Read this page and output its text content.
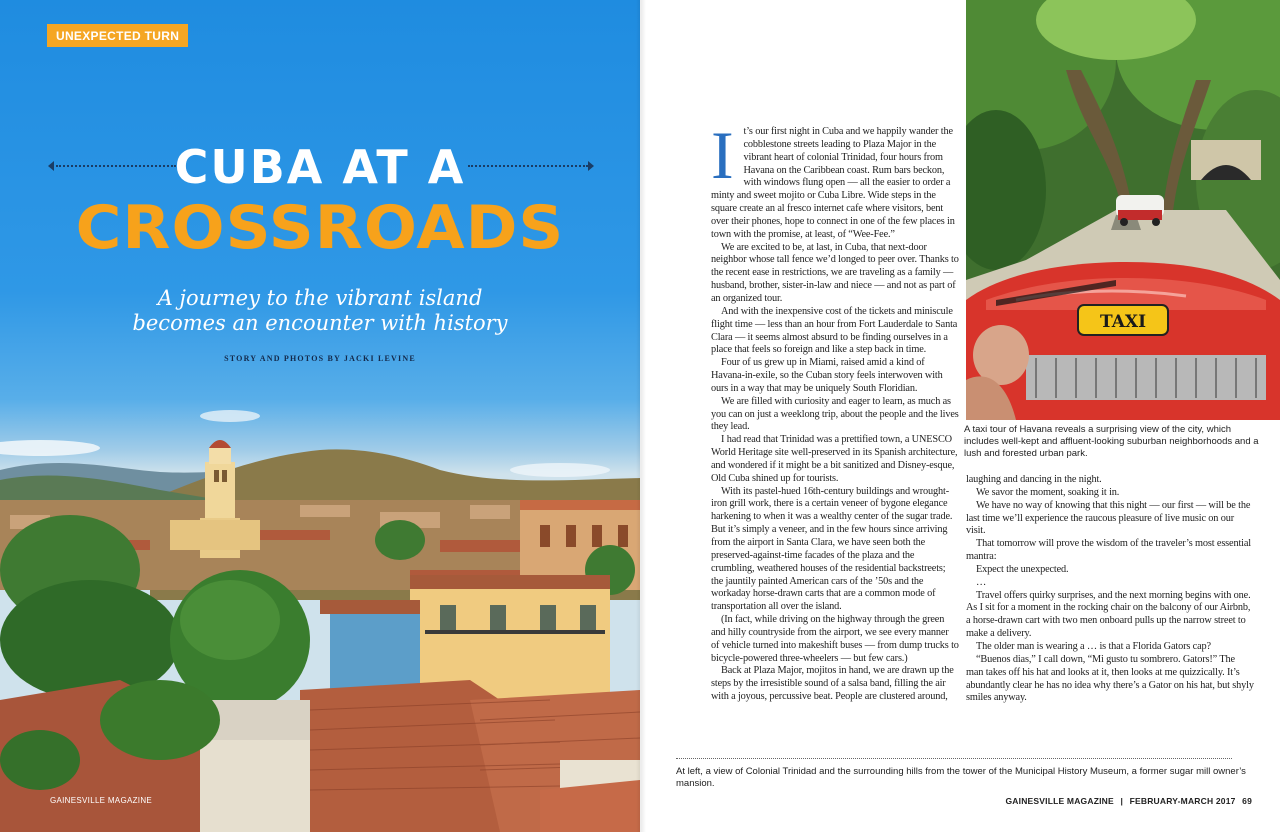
UNEXPECTED TURN
CUBA AT A
CROSSROADS
A journey to the vibrant island
becomes an encounter with history
STORY AND PHOTOS BY JACKI LEVINE
GAINESVILLE MAGAZINE
TAXI
A taxi tour of Havana reveals a surprising view of the city, which includes well-kept and affluent-looking suburban neighborhoods and a lush and forested urban park.
I t’s our first night in Cuba and we happily wander the cobblestone streets leading to Plaza Major in the vibrant heart of colonial Trinidad, four hours from Havana on the Caribbean coast. Rum bars beckon, with windows flung open — all the easier to order a minty and sweet mojito or Cuba Libre. Wide steps in the square create an al fresco internet cafe where visitors, bent over their phones, hope to connect in one of the few places in town with the promise, at least, of “Wee-Fee.”

We are excited to be, at last, in Cuba, that next-door neighbor whose tall fence we’d longed to peer over. Thanks to the recent ease in restrictions, we are traveling as a family — husband, brother, sister-in-law and niece — and not as part of an organized tour.

And with the inexpensive cost of the tickets and miniscule flight time — less than an hour from Fort Lauderdale to Santa Clara — it seems almost absurd to be finding ourselves in a place that feels so foreign and like a step back in time.

Four of us grew up in Miami, raised amid a kind of Havana-in-exile, so the Cuban story feels interwoven with ours in a way that may be uniquely South Floridian.

We are filled with curiosity and eager to learn, as much as you can on just a weeklong trip, about the people and the lives they lead.

I had read that Trinidad was a prettified town, a UNESCO World Heritage site well-preserved in its Spanish architecture, and wondered if it might be a bit sanitized and Disney-esque, Old Cuba shined up for tourists.

With its pastel-hued 16th-century buildings and wrought-iron grill work, there is a certain veneer of bygone elegance harkening to when it was a wealthy center of the sugar trade. But it’s simply a veneer, and in the few hours since arriving from the airport in Santa Clara, we have seen both the preserved-against-time facades of the plaza and the crumbling, weathered houses of the residential backstreets; the jauntily painted American cars of the ’50s and the workaday horse-drawn carts that are a common mode of transportation all over the island.

(In fact, while driving on the highway through the green and hilly countryside from the airport, we see every manner of vehicle turned into makeshift buses — from dump trucks to bicycle-powered three-wheelers — but few cars.)

Back at Plaza Major, mojitos in hand, we are drawn up the steps by the irresistible sound of a salsa band, filling the air with a joyous, percussive beat. People are clustered around,

laughing and dancing in the night.

We savor the moment, soaking it in.

We have no way of knowing that this night — our first — will be the last time we’ll experience the raucous pleasure of live music on our visit.

That tomorrow will prove the wisdom of the traveler’s most essential mantra:

Expect the unexpected.

…

Travel offers quirky surprises, and the next morning begins with one. As I sit for a moment in the rocking chair on the balcony of our Airbnb, a horse-drawn cart with two men onboard pulls up the narrow street to make a delivery.

The older man is wearing a … is that a Florida Gators cap?

“Buenos dias,” I call down, “Mi gusto tu sombrero. Gators!” The man takes off his hat and looks at it, then looks at me quizzically. It’s abundantly clear he has no idea why there’s a Gator on his hat, but shyly smiles anyway.

At left, a view of Colonial Trinidad and the surrounding hills from the tower of the Municipal History Museum, a former sugar mill owner’s mansion.
GAINESVILLE MAGAZINE | FEBRUARY-MARCH 2017 69
